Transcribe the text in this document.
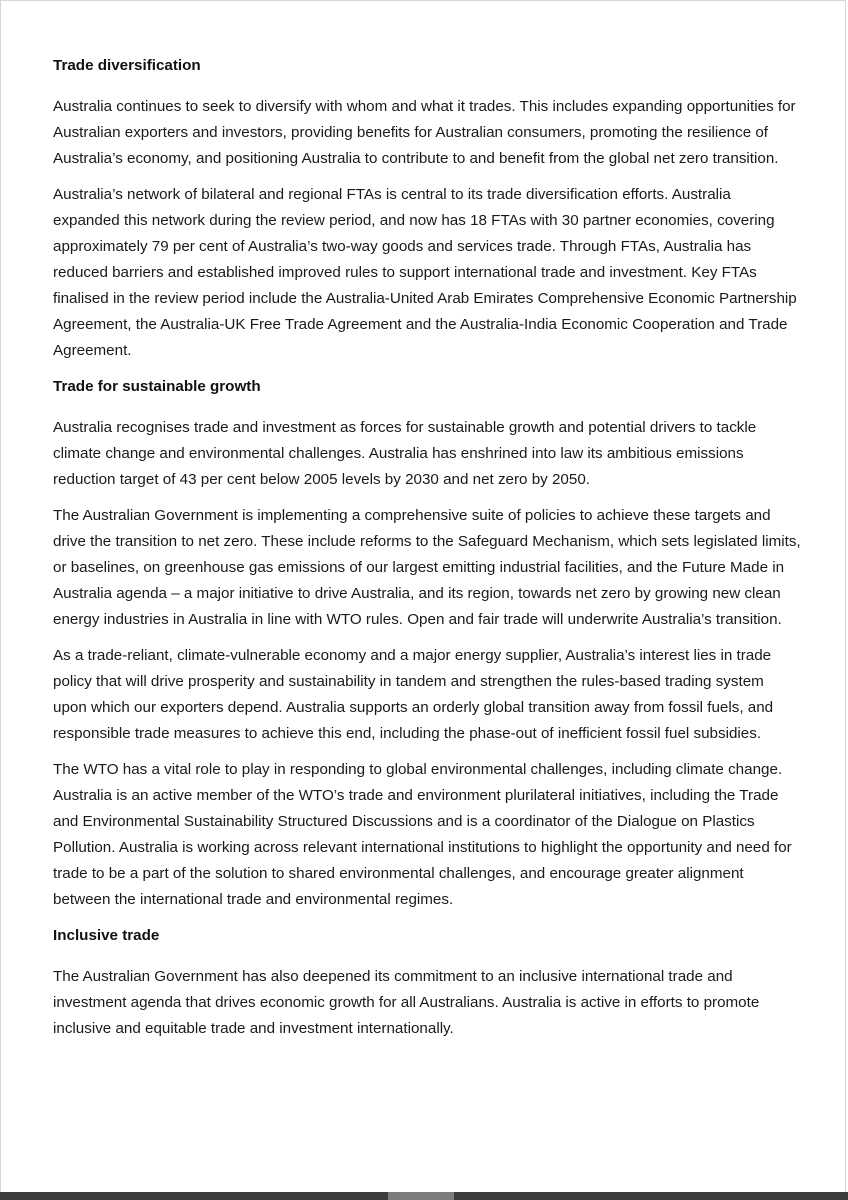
Trade diversification

Australia continues to seek to diversify with whom and what it trades. This includes expanding opportunities for Australian exporters and investors, providing benefits for Australian consumers, promoting the resilience of Australia’s economy, and positioning Australia to contribute to and benefit from the global net zero transition.

Australia’s network of bilateral and regional FTAs is central to its trade diversification efforts. Australia expanded this network during the review period, and now has 18 FTAs with 30 partner economies, covering approximately 79 per cent of Australia’s two-way goods and services trade. Through FTAs, Australia has reduced barriers and established improved rules to support international trade and investment. Key FTAs finalised in the review period include the Australia-United Arab Emirates Comprehensive Economic Partnership Agreement, the Australia-UK Free Trade Agreement and the Australia-India Economic Cooperation and Trade Agreement.

Trade for sustainable growth

Australia recognises trade and investment as forces for sustainable growth and potential drivers to tackle climate change and environmental challenges. Australia has enshrined into law its ambitious emissions reduction target of 43 per cent below 2005 levels by 2030 and net zero by 2050.

The Australian Government is implementing a comprehensive suite of policies to achieve these targets and drive the transition to net zero. These include reforms to the Safeguard Mechanism, which sets legislated limits, or baselines, on greenhouse gas emissions of our largest emitting industrial facilities, and the Future Made in Australia agenda – a major initiative to drive Australia, and its region, towards net zero by growing new clean energy industries in Australia in line with WTO rules. Open and fair trade will underwrite Australia’s transition.

As a trade-reliant, climate-vulnerable economy and a major energy supplier, Australia’s interest lies in trade policy that will drive prosperity and sustainability in tandem and strengthen the rules-based trading system upon which our exporters depend. Australia supports an orderly global transition away from fossil fuels, and responsible trade measures to achieve this end, including the phase-out of inefficient fossil fuel subsidies.

The WTO has a vital role to play in responding to global environmental challenges, including climate change. Australia is an active member of the WTO’s trade and environment plurilateral initiatives, including the Trade and Environmental Sustainability Structured Discussions and is a coordinator of the Dialogue on Plastics Pollution. Australia is working across relevant international institutions to highlight the opportunity and need for trade to be a part of the solution to shared environmental challenges, and encourage greater alignment between the international trade and environmental regimes.

Inclusive trade

The Australian Government has also deepened its commitment to an inclusive international trade and investment agenda that drives economic growth for all Australians. Australia is active in efforts to promote inclusive and equitable trade and investment internationally.
